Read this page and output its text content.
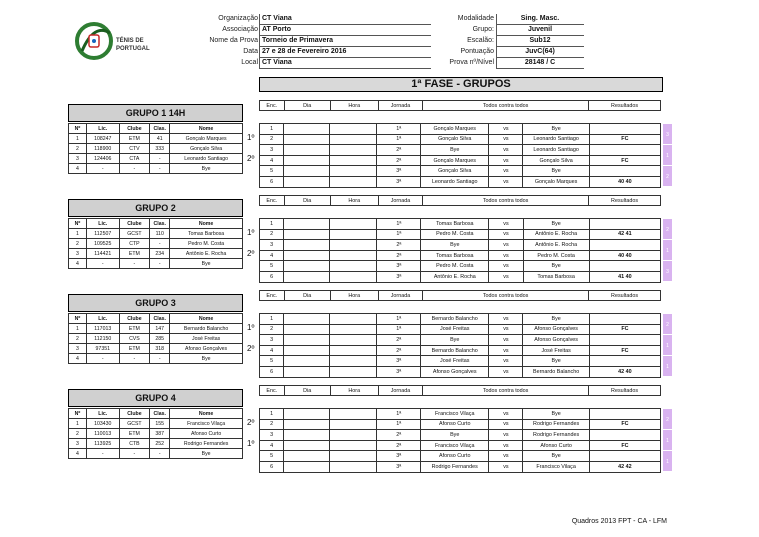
TÉNIS DE
PORTUGAL
Organização CT Viana
Associação AT Porto
Nome da Prova Torneio de Primavera
Data 27 e 28 de Fevereiro 2016
Local CT Viana
Modalidade	Sing. Masc.
Grupo:	Juvenil
Escalão:	Sub12
Pontuação	JuvC(64)
Prova nº/Nível	28148 / C
1ª FASE - GRUPOS
GRUPO 1 14H
Nº	Lic.	Clube	Clas.	Nome
1	108247	ETM	41	Gonçalo Marques
2	118900	CTV	333	Gonçalo Silva
3	124406	CTA	-	Leonardo Santiago
4	-	-	-	Bye
1º
2º
Enc.	Dia	Hora	Jornada	Todos contra todos	Resultados
1			1ª	Gonçalo Marques	vs	Bye	
2			1ª	Gonçalo Silva	vs	Leonardo Santiago	FC
3			2ª	Bye	vs	Leonardo Santiago	
4			2ª	Gonçalo Marques	vs	Gonçalo Silva	FC
5			3ª	Gonçalo Silva	vs	Bye	
6			3ª	Leonardo Santiago	vs	Gonçalo Marques	40 40
3
1
2
GRUPO 2
Nº	Lic.	Clube	Clas.	Nome
1	112507	GCST	110	Tomas Barbosa
2	109525	CTP	-	Pedro M. Costa
3	114421	ETM	234	Antônio E. Rocha
4	-	-	-	Bye
1º
2º
Enc.	Dia	Hora	Jornada	Todos contra todos	Resultados
1			1ª	Tomas Barbosa	vs	Bye	
2			1ª	Pedro M. Costa	vs	Antônio E. Rocha	42 41
3			2ª	Bye	vs	Antônio E. Rocha	
4			2ª	Tomas Barbosa	vs	Pedro M. Costa	40 40
5			3ª	Pedro M. Costa	vs	Bye	
6			3ª	Antônio E. Rocha	vs	Tomas Barbosa	41 40
2
1
3
GRUPO 3
Nº	Lic.	Clube	Clas.	Nome
1	117013	ETM	147	Bernardo Balancho
2	112150	CVS	285	José Freitas
3	97351	ETM	318	Afonso Gonçalves
4	-	-	-	Bye
1º
2º
Enc.	Dia	Hora	Jornada	Todos contra todos	Resultados
1			1ª	Bernardo Balancho	vs	Bye	
2			1ª	José Freitas	vs	Afonso Gonçalves	FC
3			2ª	Bye	vs	Afonso Gonçalves	
4			2ª	Bernardo Balancho	vs	José Freitas	FC
5			3ª	José Freitas	vs	Bye	
6			3ª	Afonso Gonçalves	vs	Bernardo Balancho	42 40
2
1
1
GRUPO 4
Nº	Lic.	Clube	Clas.	Nome
1	103430	GCST	155	Francisco Vilaça
2	110013	ETM	387	Afonso Curto
3	113925	CTB	252	Rodrigo Fernandes
4	-	-	-	Bye
2º
1º
Enc.	Dia	Hora	Jornada	Todos contra todos	Resultados
1			1ª	Francisco Vilaça	vs	Bye	
2			1ª	Afonso Curto	vs	Rodrigo Fernandes	FC
3			2ª	Bye	vs	Rodrigo Fernandes	
4			2ª	Francisco Vilaça	vs	Afonso Curto	FC
5			3ª	Afonso Curto	vs	Bye	
6			3ª	Rodrigo Fernandes	vs	Francisco Vilaça	42 42
2
1
1
Quadros 2013 FPT - CA - LFM
